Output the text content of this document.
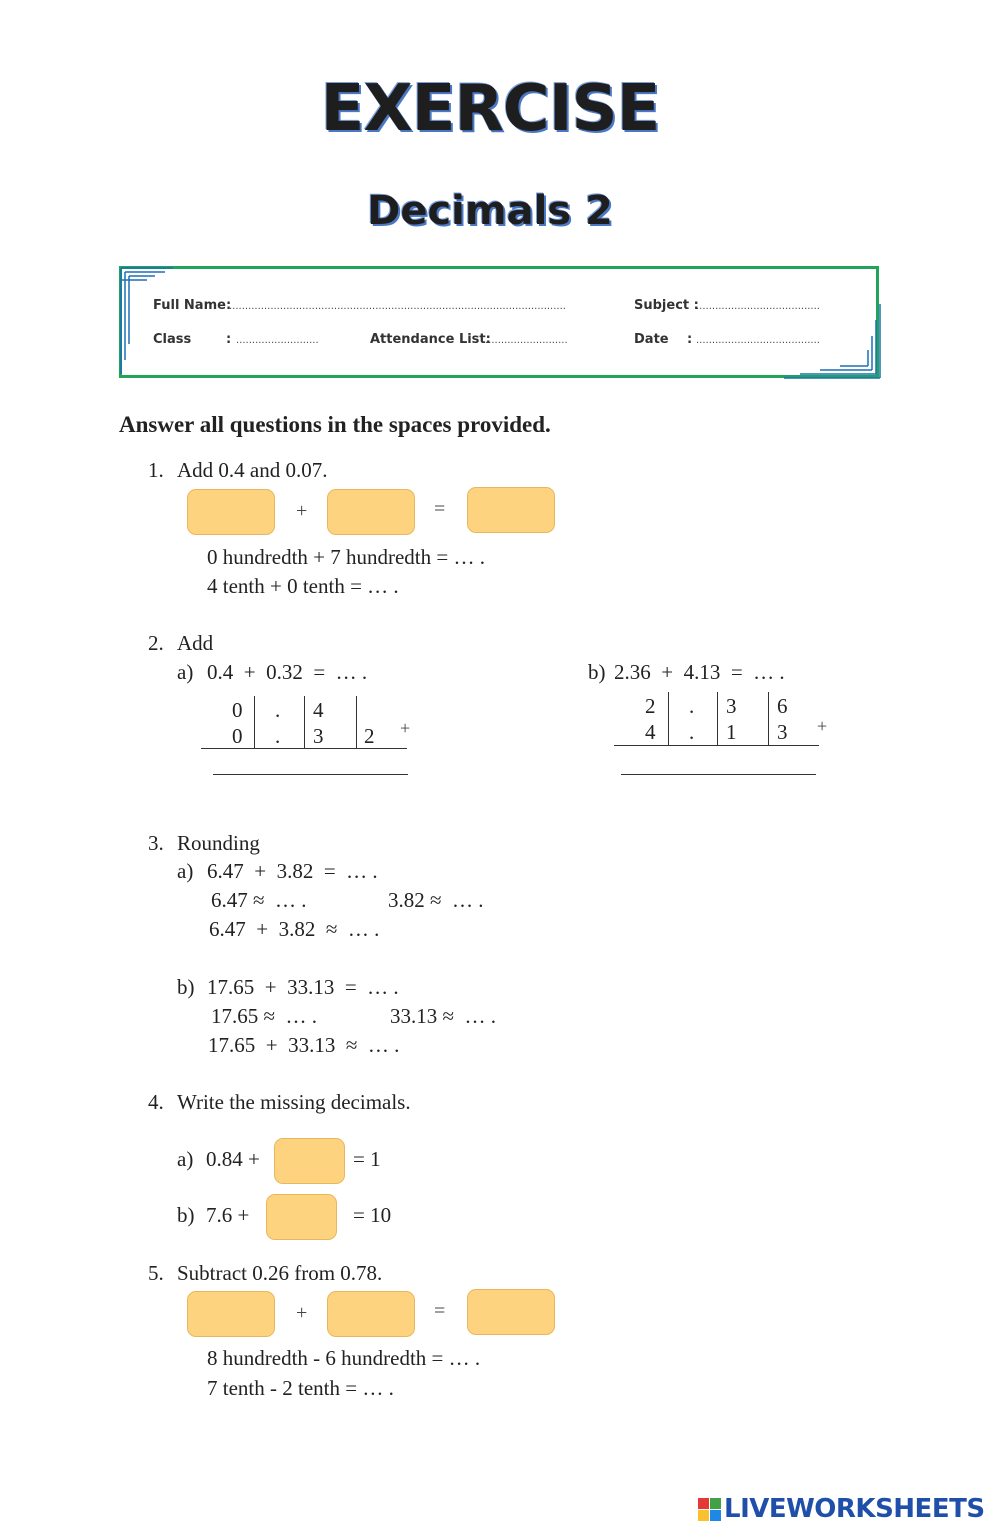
EXERCISE
Decimals 2
Full Name:
..........................................................................................................	Subject :
.......................................
Class	: ..........................	Attendance List:
..........................	Date : .......................................
Answer all questions in the spaces provided.
1. Add 0.4 and 0.07.
+	=
0 hundredth + 7 hundredth = … .
4 tenth + 0 tenth = … .
2. Add
a) 0.4  +  0.32  =  … .	b) 2.36  +  4.13  =  … .
0 . 4
0 . 3 2 +
2 . 3 6
4 . 1 3 +
3. Rounding
a) 6.47  +  3.82  =  … .
6.47 ≈  … .	3.82 ≈  … .
6.47  +  3.82  ≈  … .
b) 17.65  +  33.13  =  … .
17.65 ≈  … .	33.13 ≈  … .
17.65  +  33.13  ≈  … .
4. Write the missing decimals.
a) 0.84 +	= 1
b) 7.6 +	= 10
5. Subtract 0.26 from 0.78.
+	=
8 hundredth - 6 hundredth = … .
7 tenth - 2 tenth = … .
LIVEWORKSHEETS
